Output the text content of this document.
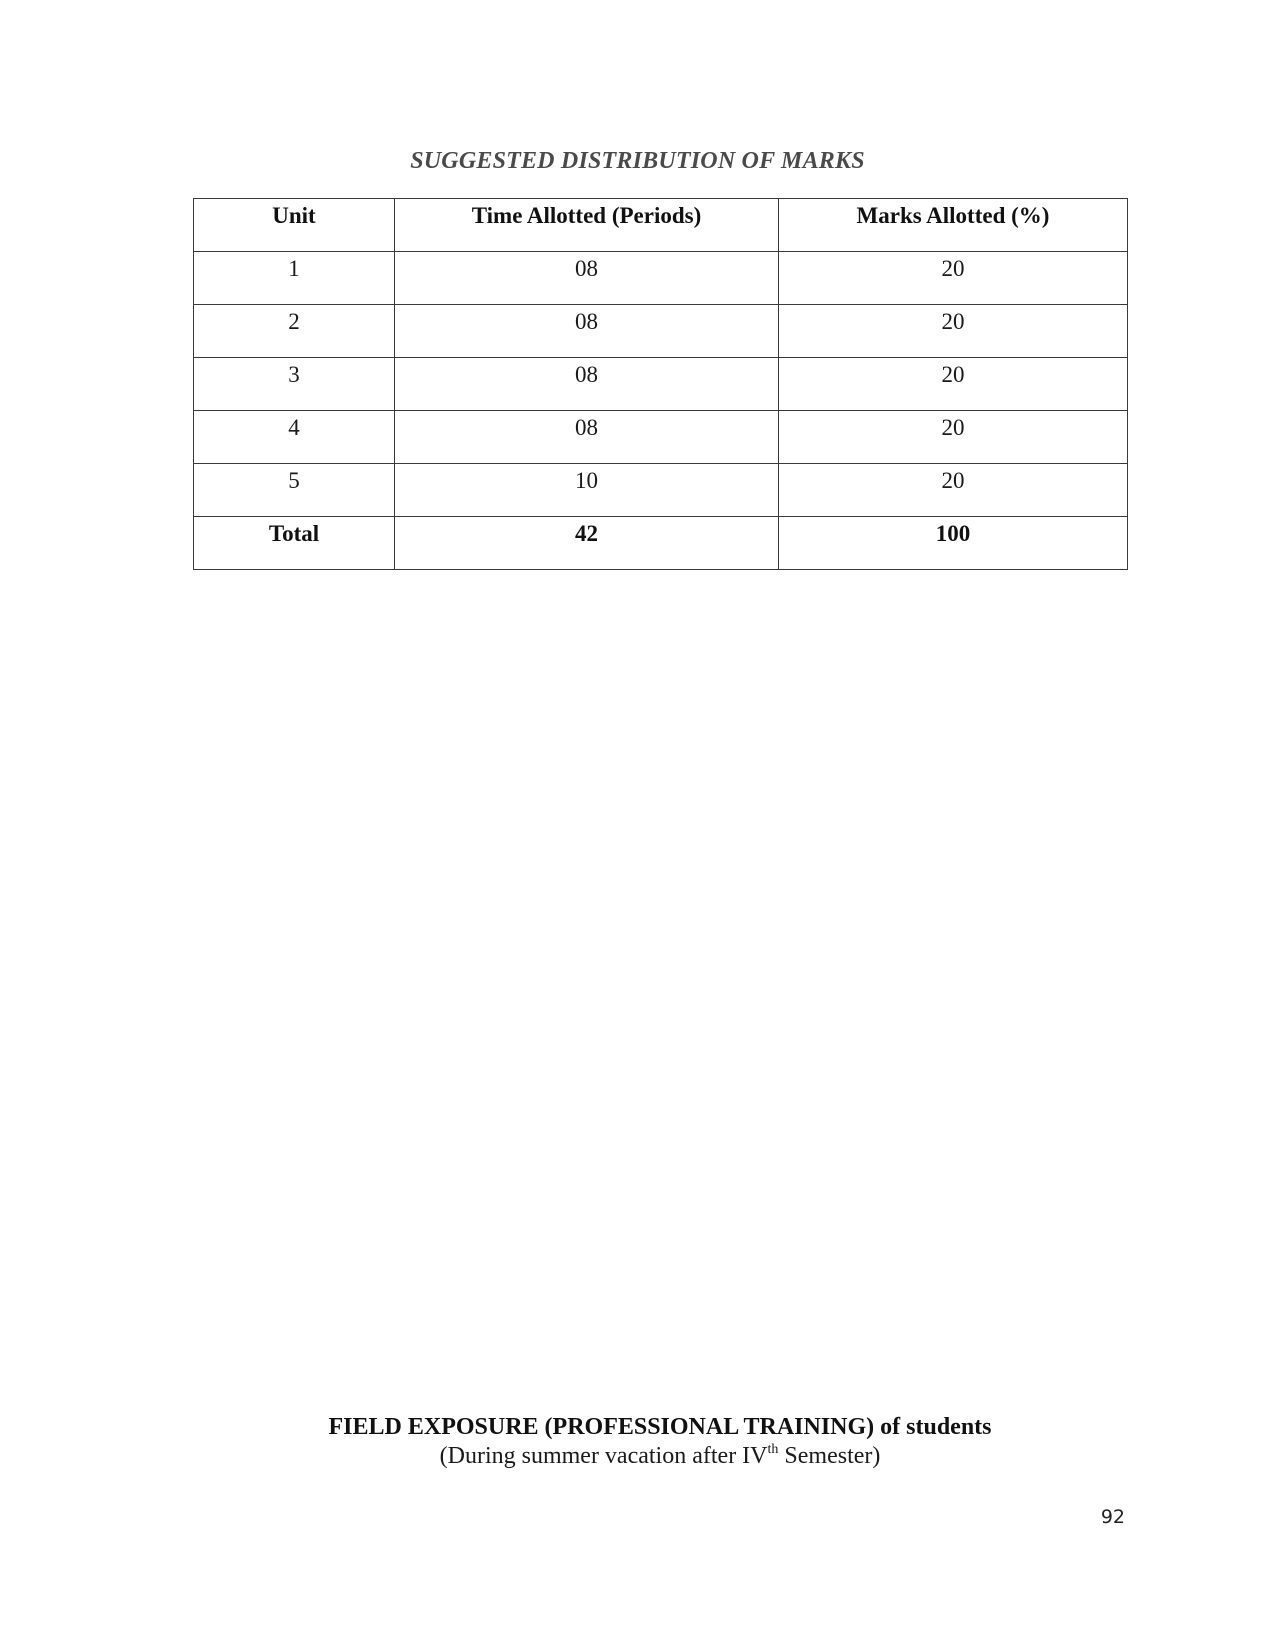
SUGGESTED DISTRIBUTION OF MARKS
Unit	Time Allotted (Periods)	Marks Allotted (%)
1	08	20
2	08	20
3	08	20
4	08	20
5	10	20
Total	42	100
FIELD EXPOSURE (PROFESSIONAL TRAINING) of students
(During summer vacation after IVth Semester)
92
